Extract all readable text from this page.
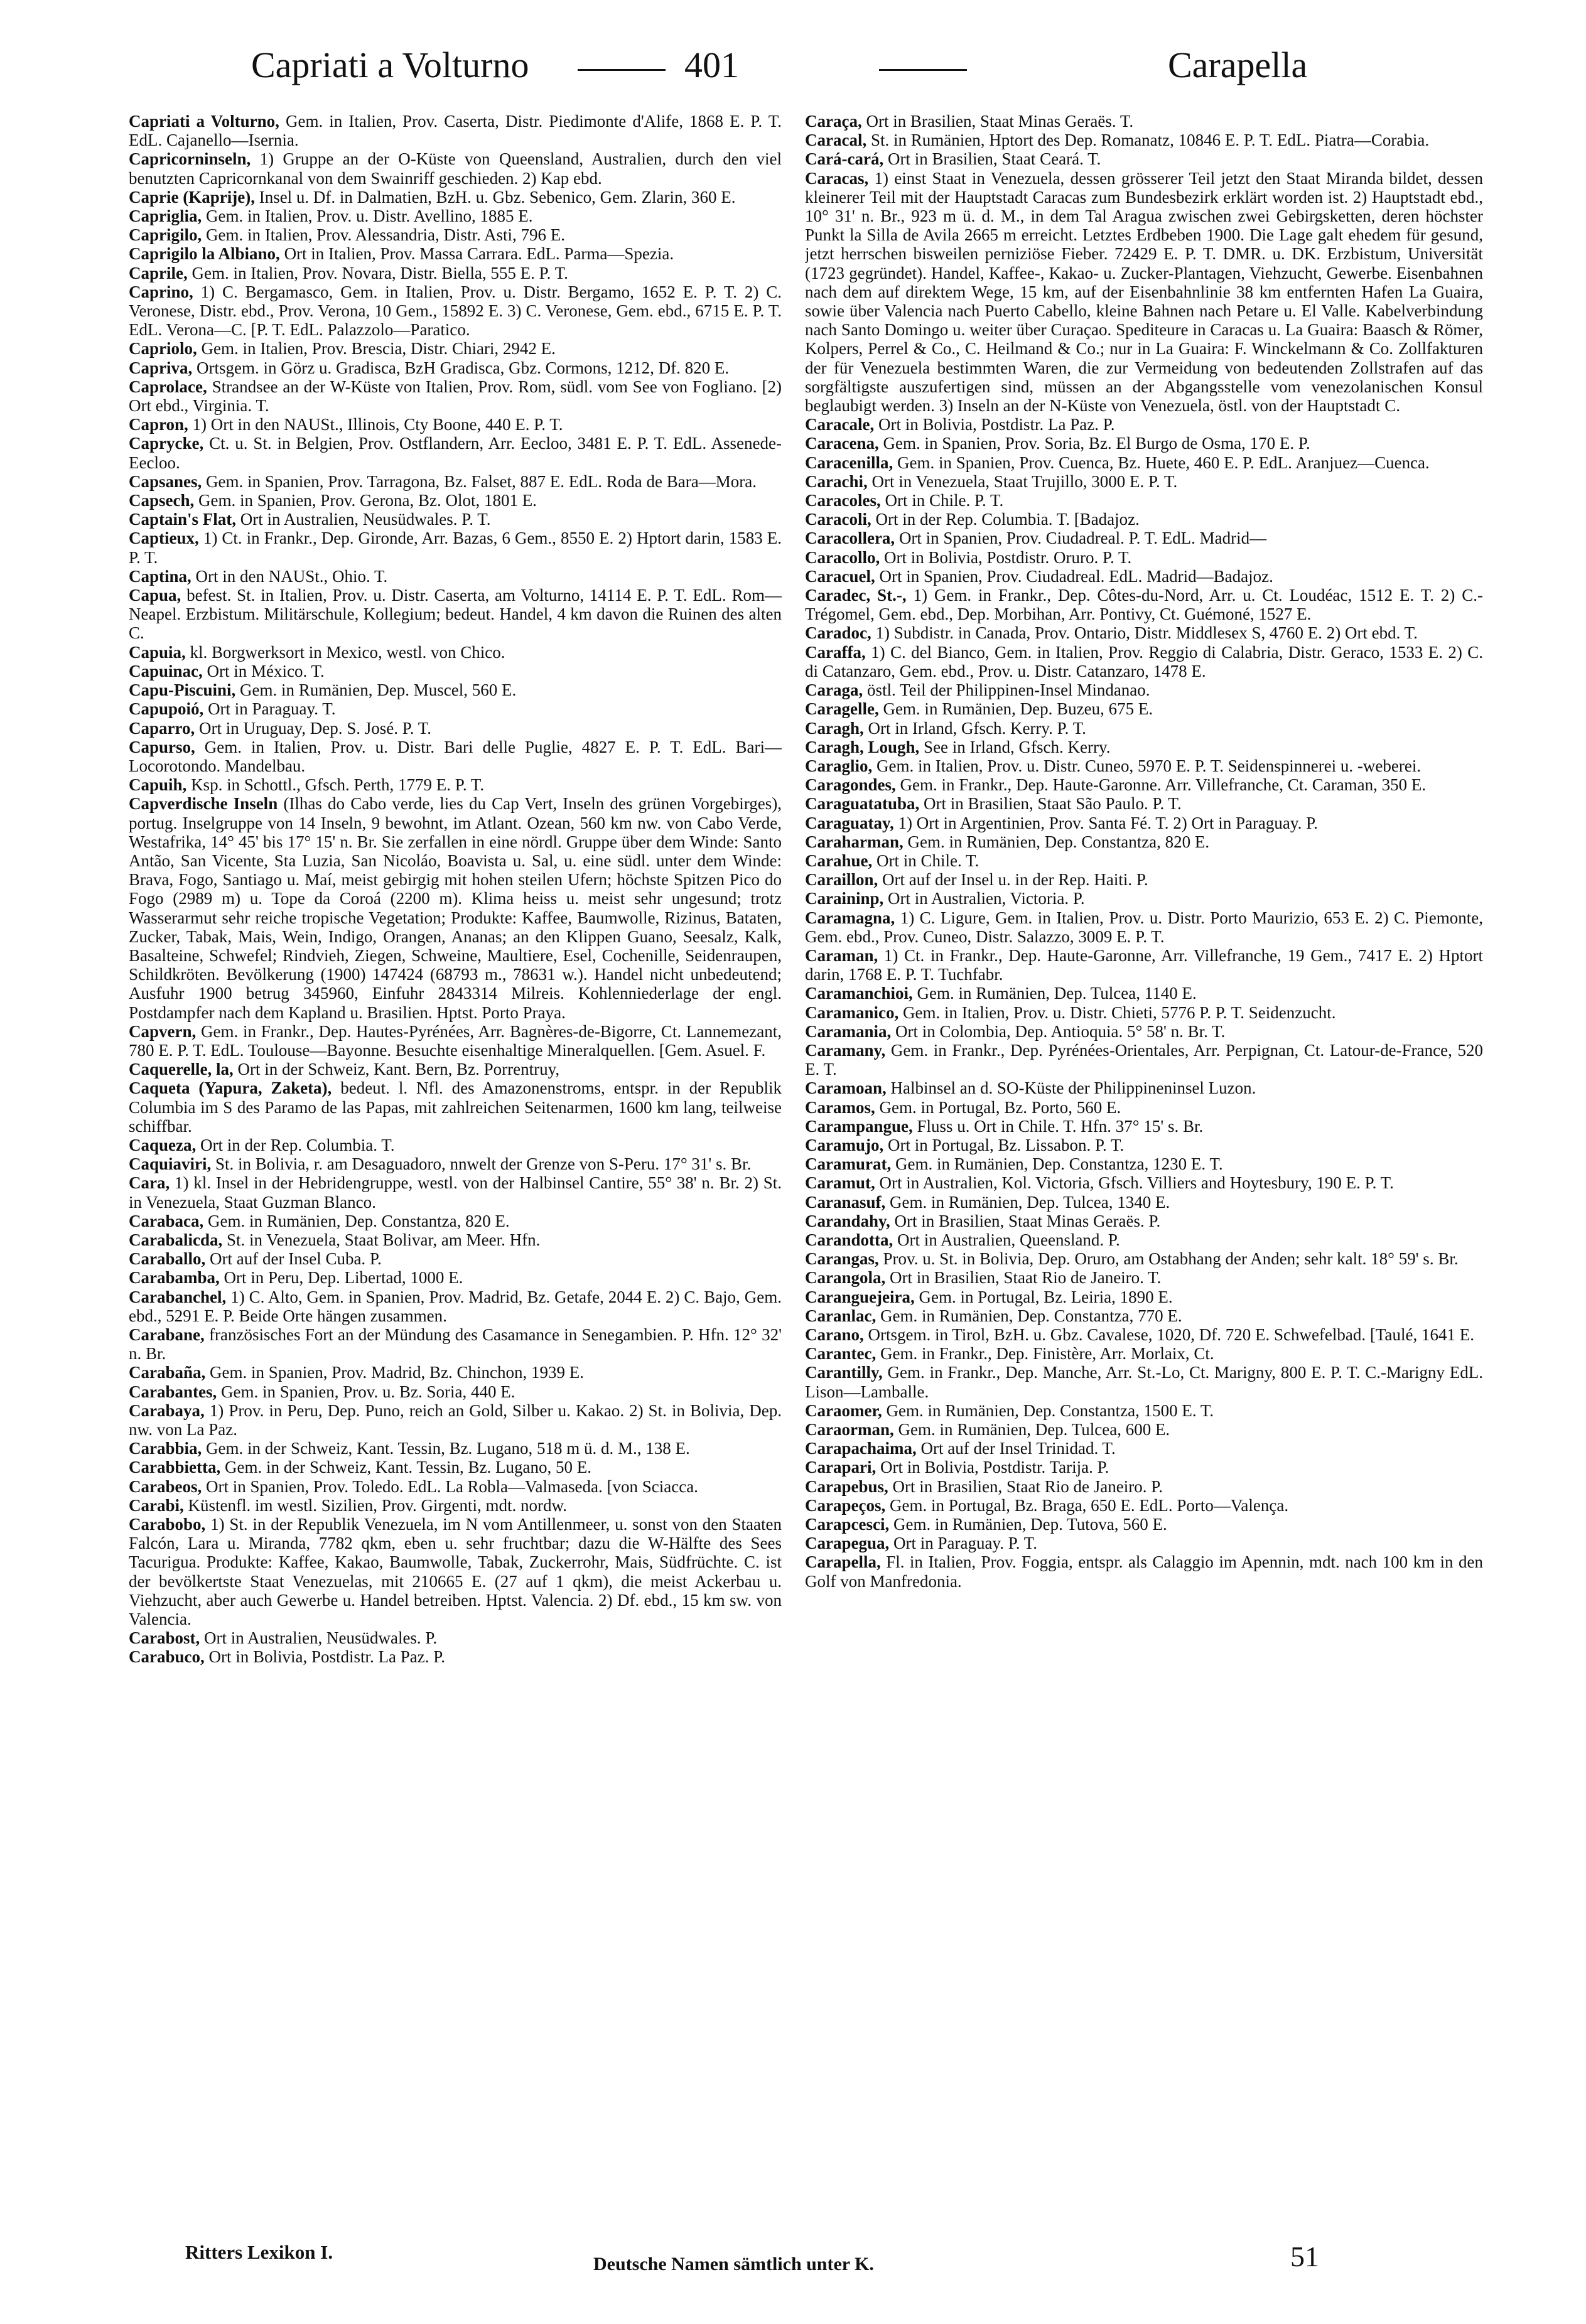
Capriati a Volturno	401	Carapella

Capriati a Volturno, Gem. in Italien, Prov. Caserta, Distr. Piedimonte d'Alife, 1868 E. P. T. EdL. Cajanello—Isernia.

Capricorninseln, 1) Gruppe an der O-Küste von Queensland, Australien, durch den viel benutzten Capricornkanal von dem Swainriff geschieden. 2) Kap ebd.

Caprie (Kaprije), Insel u. Df. in Dalmatien, BzH. u. Gbz. Sebenico, Gem. Zlarin, 360 E.

Capriglia, Gem. in Italien, Prov. u. Distr. Avellino, 1885 E.

Caprigilo, Gem. in Italien, Prov. Alessandria, Distr. Asti, 796 E.

Caprigilo la Albiano, Ort in Italien, Prov. Massa Carrara. EdL. Parma—Spezia.

Caprile, Gem. in Italien, Prov. Novara, Distr. Biella, 555 E. P. T.

Caprino, 1) C. Bergamasco, Gem. in Italien, Prov. u. Distr. Bergamo, 1652 E. P. T. 2) C. Veronese, Distr. ebd., Prov. Verona, 10 Gem., 15892 E. 3) C. Veronese, Gem. ebd., 6715 E. P. T. EdL. Verona—C. [P. T. EdL. Palazzolo—Paratico.

Capriolo, Gem. in Italien, Prov. Brescia, Distr. Chiari, 2942 E.

Capriva, Ortsgem. in Görz u. Gradisca, BzH Gradisca, Gbz. Cormons, 1212, Df. 820 E.

Caprolace, Strandsee an der W-Küste von Italien, Prov. Rom, südl. vom See von Fogliano. [2) Ort ebd., Virginia. T.

Capron, 1) Ort in den NAUSt., Illinois, Cty Boone, 440 E. P. T.

Caprycke, Ct. u. St. in Belgien, Prov. Ostflandern, Arr. Eecloo, 3481 E. P. T. EdL. Assenede-Eecloo.

Capsanes, Gem. in Spanien, Prov. Tarragona, Bz. Falset, 887 E. EdL. Roda de Bara—Mora.

Capsech, Gem. in Spanien, Prov. Gerona, Bz. Olot, 1801 E.

Captain's Flat, Ort in Australien, Neusüdwales. P. T.

Captieux, 1) Ct. in Frankr., Dep. Gironde, Arr. Bazas, 6 Gem., 8550 E. 2) Hptort darin, 1583 E. P. T.

Captina, Ort in den NAUSt., Ohio. T.

Capua, befest. St. in Italien, Prov. u. Distr. Caserta, am Volturno, 14114 E. P. T. EdL. Rom—Neapel. Erzbistum. Militärschule, Kollegium; bedeut. Handel, 4 km davon die Ruinen des alten C.

Capuia, kl. Borgwerksort in Mexico, westl. von Chico.

Capuinac, Ort in México. T.

Capu-Piscuini, Gem. in Rumänien, Dep. Muscel, 560 E.

Capupoió, Ort in Paraguay. T.

Caparro, Ort in Uruguay, Dep. S. José. P. T.

Capurso, Gem. in Italien, Prov. u. Distr. Bari delle Puglie, 4827 E. P. T. EdL. Bari—Locorotondo. Mandelbau.

Capuih, Ksp. in Schottl., Gfsch. Perth, 1779 E. P. T.

Capverdische Inseln (Ilhas do Cabo verde, lies du Cap Vert, Inseln des grünen Vorgebirges), portug. Inselgruppe von 14 Inseln, 9 bewohnt, im Atlant. Ozean, 560 km nw. von Cabo Verde, Westafrika, 14° 45' bis 17° 15' n. Br. Sie zerfallen in eine nördl. Gruppe über dem Winde: Santo Antão, San Vicente, Sta Luzia, San Nicoláo, Boavista u. Sal, u. eine südl. unter dem Winde: Brava, Fogo, Santiago u. Maí, meist gebirgig mit hohen steilen Ufern; höchste Spitzen Pico do Fogo (2989 m) u. Tope da Coroá (2200 m). Klima heiss u. meist sehr ungesund; trotz Wasserarmut sehr reiche tropische Vegetation; Produkte: Kaffee, Baumwolle, Rizinus, Bataten, Zucker, Tabak, Mais, Wein, Indigo, Orangen, Ananas; an den Klippen Guano, Seesalz, Kalk, Basalteine, Schwefel; Rindvieh, Ziegen, Schweine, Maultiere, Esel, Cochenille, Seidenraupen, Schildkröten. Bevölkerung (1900) 147424 (68793 m., 78631 w.). Handel nicht unbedeutend; Ausfuhr 1900 betrug 345960, Einfuhr 2843314 Milreis. Kohlenniederlage der engl. Postdampfer nach dem Kapland u. Brasilien. Hptst. Porto Praya.

Capvern, Gem. in Frankr., Dep. Hautes-Pyrénées, Arr. Bagnères-de-Bigorre, Ct. Lannemezant, 780 E. P. T. EdL. Toulouse—Bayonne. Besuchte eisenhaltige Mineralquellen. [Gem. Asuel. F.

Caquerelle, la, Ort in der Schweiz, Kant. Bern, Bz. Porrentruy,

Caqueta (Yapura, Zaketa), bedeut. l. Nfl. des Amazonenstroms, entspr. in der Republik Columbia im S des Paramo de las Papas, mit zahlreichen Seitenarmen, 1600 km lang, teilweise schiffbar.

Caqueza, Ort in der Rep. Columbia. T.

Caquiaviri, St. in Bolivia, r. am Desaguadoro, nnwelt der Grenze von S-Peru. 17° 31' s. Br.

Cara, 1) kl. Insel in der Hebridengruppe, westl. von der Halbinsel Cantire, 55° 38' n. Br. 2) St. in Venezuela, Staat Guzman Blanco.

Carabaca, Gem. in Rumänien, Dep. Constantza, 820 E.

Carabalicda, St. in Venezuela, Staat Bolivar, am Meer. Hfn.

Caraballo, Ort auf der Insel Cuba. P.

Carabamba, Ort in Peru, Dep. Libertad, 1000 E.

Carabanchel, 1) C. Alto, Gem. in Spanien, Prov. Madrid, Bz. Getafe, 2044 E. 2) C. Bajo, Gem. ebd., 5291 E. P. Beide Orte hängen zusammen.

Carabane, französisches Fort an der Mündung des Casamance in Senegambien. P. Hfn. 12° 32' n. Br.

Carabaña, Gem. in Spanien, Prov. Madrid, Bz. Chinchon, 1939 E.

Carabantes, Gem. in Spanien, Prov. u. Bz. Soria, 440 E.

Carabaya, 1) Prov. in Peru, Dep. Puno, reich an Gold, Silber u. Kakao. 2) St. in Bolivia, Dep. nw. von La Paz.

Carabbia, Gem. in der Schweiz, Kant. Tessin, Bz. Lugano, 518 m ü. d. M., 138 E.

Carabbietta, Gem. in der Schweiz, Kant. Tessin, Bz. Lugano, 50 E.

Carabeos, Ort in Spanien, Prov. Toledo. EdL. La Robla—Valmaseda. [von Sciacca.

Carabi, Küstenfl. im westl. Sizilien, Prov. Girgenti, mdt. nordw.

Carabobo, 1) St. in der Republik Venezuela, im N vom Antillenmeer, u. sonst von den Staaten Falcón, Lara u. Miranda, 7782 qkm, eben u. sehr fruchtbar; dazu die W-Hälfte des Sees Tacurigua. Produkte: Kaffee, Kakao, Baumwolle, Tabak, Zuckerrohr, Mais, Südfrüchte. C. ist der bevölkertste Staat Venezuelas, mit 210665 E. (27 auf 1 qkm), die meist Ackerbau u. Viehzucht, aber auch Gewerbe u. Handel betreiben. Hptst. Valencia. 2) Df. ebd., 15 km sw. von Valencia.

Carabost, Ort in Australien, Neusüdwales. P.

Carabuco, Ort in Bolivia, Postdistr. La Paz. P.

Caraça, Ort in Brasilien, Staat Minas Geraës. T.

Caracal, St. in Rumänien, Hptort des Dep. Romanatz, 10846 E. P. T. EdL. Piatra—Corabia.

Cará-cará, Ort in Brasilien, Staat Ceará. T.

Caracas, 1) einst Staat in Venezuela, dessen grösserer Teil jetzt den Staat Miranda bildet, dessen kleinerer Teil mit der Hauptstadt Caracas zum Bundesbezirk erklärt worden ist. 2) Hauptstadt ebd., 10° 31' n. Br., 923 m ü. d. M., in dem Tal Aragua zwischen zwei Gebirgsketten, deren höchster Punkt la Silla de Avila 2665 m erreicht. Letztes Erdbeben 1900. Die Lage galt ehedem für gesund, jetzt herrschen bisweilen perniziöse Fieber. 72429 E. P. T. DMR. u. DK. Erzbistum, Universität (1723 gegründet). Handel, Kaffee-, Kakao- u. Zucker-Plantagen, Viehzucht, Gewerbe. Eisenbahnen nach dem auf direktem Wege, 15 km, auf der Eisenbahnlinie 38 km entfernten Hafen La Guaira, sowie über Valencia nach Puerto Cabello, kleine Bahnen nach Petare u. El Valle. Kabelverbindung nach Santo Domingo u. weiter über Curaçao. Spediteure in Caracas u. La Guaira: Baasch & Römer, Kolpers, Perrel & Co., C. Heilmand & Co.; nur in La Guaira: F. Winckelmann & Co. Zollfakturen der für Venezuela bestimmten Waren, die zur Vermeidung von bedeutenden Zollstrafen auf das sorgfältigste auszufertigen sind, müssen an der Abgangsstelle vom venezolanischen Konsul beglaubigt werden. 3) Inseln an der N-Küste von Venezuela, östl. von der Hauptstadt C.

Caracale, Ort in Bolivia, Postdistr. La Paz. P.

Caracena, Gem. in Spanien, Prov. Soria, Bz. El Burgo de Osma, 170 E. P.

Caracenilla, Gem. in Spanien, Prov. Cuenca, Bz. Huete, 460 E. P. EdL. Aranjuez—Cuenca.

Carachi, Ort in Venezuela, Staat Trujillo, 3000 E. P. T.

Caracoles, Ort in Chile. P. T.

Caracoli, Ort in der Rep. Columbia. T. [Badajoz.

Caracollera, Ort in Spanien, Prov. Ciudadreal. P. T. EdL. Madrid—

Caracollo, Ort in Bolivia, Postdistr. Oruro. P. T.

Caracuel, Ort in Spanien, Prov. Ciudadreal. EdL. Madrid—Badajoz.

Caradec, St.-, 1) Gem. in Frankr., Dep. Côtes-du-Nord, Arr. u. Ct. Loudéac, 1512 E. T. 2) C.-Trégomel, Gem. ebd., Dep. Morbihan, Arr. Pontivy, Ct. Guémoné, 1527 E.

Caradoc, 1) Subdistr. in Canada, Prov. Ontario, Distr. Middlesex S, 4760 E. 2) Ort ebd. T.

Caraffa, 1) C. del Bianco, Gem. in Italien, Prov. Reggio di Calabria, Distr. Geraco, 1533 E. 2) C. di Catanzaro, Gem. ebd., Prov. u. Distr. Catanzaro, 1478 E.

Caraga, östl. Teil der Philippinen-Insel Mindanao.

Caragelle, Gem. in Rumänien, Dep. Buzeu, 675 E.

Caragh, Ort in Irland, Gfsch. Kerry. P. T.

Caragh, Lough, See in Irland, Gfsch. Kerry.

Caraglio, Gem. in Italien, Prov. u. Distr. Cuneo, 5970 E. P. T. Seidenspinnerei u. -weberei.

Caragondes, Gem. in Frankr., Dep. Haute-Garonne. Arr. Villefranche, Ct. Caraman, 350 E.

Caraguatatuba, Ort in Brasilien, Staat São Paulo. P. T.

Caraguatay, 1) Ort in Argentinien, Prov. Santa Fé. T. 2) Ort in Paraguay. P.

Caraharman, Gem. in Rumänien, Dep. Constantza, 820 E.

Carahue, Ort in Chile. T.

Caraillon, Ort auf der Insel u. in der Rep. Haiti. P.

Caraininp, Ort in Australien, Victoria. P.

Caramagna, 1) C. Ligure, Gem. in Italien, Prov. u. Distr. Porto Maurizio, 653 E. 2) C. Piemonte, Gem. ebd., Prov. Cuneo, Distr. Salazzo, 3009 E. P. T.

Caraman, 1) Ct. in Frankr., Dep. Haute-Garonne, Arr. Villefranche, 19 Gem., 7417 E. 2) Hptort darin, 1768 E. P. T. Tuchfabr.

Caramanchioi, Gem. in Rumänien, Dep. Tulcea, 1140 E.

Caramanico, Gem. in Italien, Prov. u. Distr. Chieti, 5776 P. P. T. Seidenzucht.

Caramania, Ort in Colombia, Dep. Antioquia. 5° 58' n. Br. T.

Caramany, Gem. in Frankr., Dep. Pyrénées-Orientales, Arr. Perpignan, Ct. Latour-de-France, 520 E. T.

Caramoan, Halbinsel an d. SO-Küste der Philippineninsel Luzon.

Caramos, Gem. in Portugal, Bz. Porto, 560 E.

Carampangue, Fluss u. Ort in Chile. T. Hfn. 37° 15' s. Br.

Caramujo, Ort in Portugal, Bz. Lissabon. P. T.

Caramurat, Gem. in Rumänien, Dep. Constantza, 1230 E. T.

Caramut, Ort in Australien, Kol. Victoria, Gfsch. Villiers and Hoytesbury, 190 E. P. T.

Caranasuf, Gem. in Rumänien, Dep. Tulcea, 1340 E.

Carandahy, Ort in Brasilien, Staat Minas Geraës. P.

Carandotta, Ort in Australien, Queensland. P.

Carangas, Prov. u. St. in Bolivia, Dep. Oruro, am Ostabhang der Anden; sehr kalt. 18° 59' s. Br.

Carangola, Ort in Brasilien, Staat Rio de Janeiro. T.

Caranguejeira, Gem. in Portugal, Bz. Leiria, 1890 E.

Caranlac, Gem. in Rumänien, Dep. Constantza, 770 E.

Carano, Ortsgem. in Tirol, BzH. u. Gbz. Cavalese, 1020, Df. 720 E. Schwefelbad. [Taulé, 1641 E.

Carantec, Gem. in Frankr., Dep. Finistère, Arr. Morlaix, Ct.

Carantilly, Gem. in Frankr., Dep. Manche, Arr. St.-Lo, Ct. Marigny, 800 E. P. T. C.-Marigny EdL. Lison—Lamballe.

Caraomer, Gem. in Rumänien, Dep. Constantza, 1500 E. T.

Caraorman, Gem. in Rumänien, Dep. Tulcea, 600 E.

Carapachaima, Ort auf der Insel Trinidad. T.

Carapari, Ort in Bolivia, Postdistr. Tarija. P.

Carapebus, Ort in Brasilien, Staat Rio de Janeiro. P.

Carapeços, Gem. in Portugal, Bz. Braga, 650 E. EdL. Porto—Valença.

Carapcesci, Gem. in Rumänien, Dep. Tutova, 560 E.

Carapegua, Ort in Paraguay. P. T.

Carapella, Fl. in Italien, Prov. Foggia, entspr. als Calaggio im Apennin, mdt. nach 100 km in den Golf von Manfredonia.

Ritters Lexikon I.
Deutsche Namen sämtlich unter K.	51
